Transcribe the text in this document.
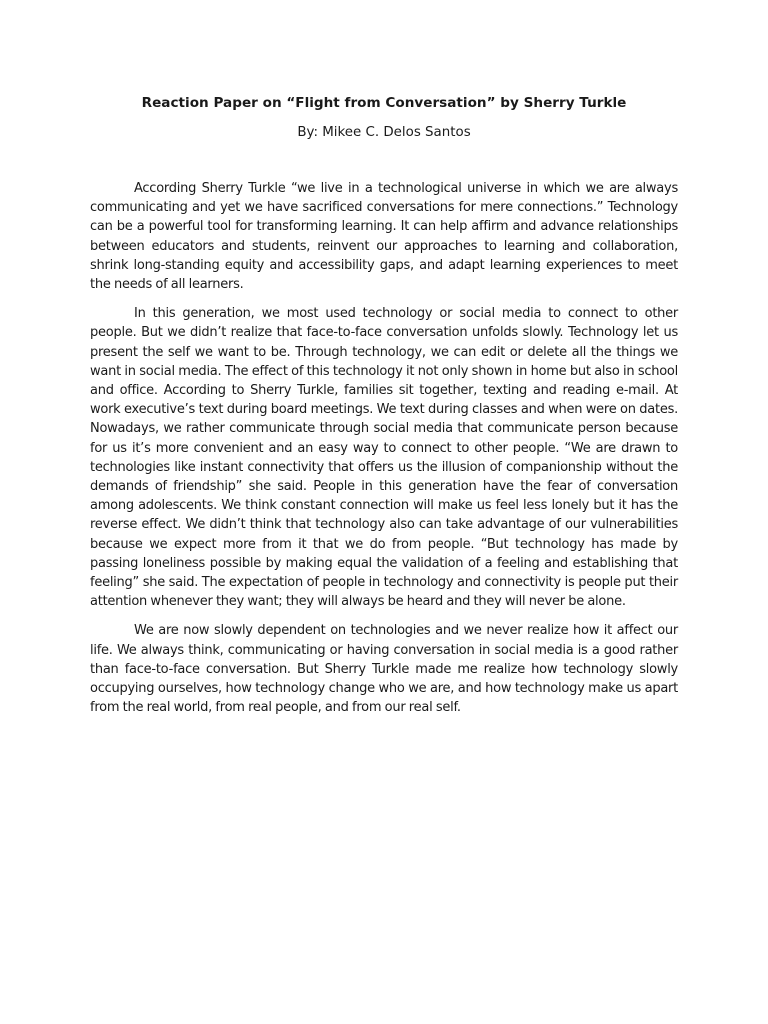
Reaction Paper on “Flight from Conversation” by Sherry Turkle

By: Mikee C. Delos Santos

According Sherry Turkle “we live in a technological universe in which we are always communicating and yet we have sacrificed conversations for mere connections.” Technology can be a powerful tool for transforming learning. It can help affirm and advance relationships between educators and students, reinvent our approaches to learning and collaboration, shrink long-standing equity and accessibility gaps, and adapt learning experiences to meet the needs of all learners.

In this generation, we most used technology or social media to connect to other people. But we didn’t realize that face-to-face conversation unfolds slowly. Technology let us present the self we want to be. Through technology, we can edit or delete all the things we want in social media. The effect of this technology it not only shown in home but also in school and office. According to Sherry Turkle, families sit together, texting and reading e-mail. At work executive’s text during board meetings. We text during classes and when were on dates. Nowadays, we rather communicate through social media that communicate person because for us it’s more convenient and an easy way to connect to other people. “We are drawn to technologies like instant connectivity that offers us the illusion of companionship without the demands of friendship” she said. People in this generation have the fear of conversation among adolescents. We think constant connection will make us feel less lonely but it has the reverse effect. We didn’t think that technology also can take advantage of our vulnerabilities because we expect more from it that we do from people. “But technology has made by passing loneliness possible by making equal the validation of a feeling and establishing that feeling” she said. The expectation of people in technology and connectivity is people put their attention whenever they want; they will always be heard and they will never be alone.

We are now slowly dependent on technologies and we never realize how it affect our life. We always think, communicating or having conversation in social media is a good rather than face-to-face conversation. But Sherry Turkle made me realize how technology slowly occupying ourselves, how technology change who we are, and how technology make us apart from the real world, from real people, and from our real self.
